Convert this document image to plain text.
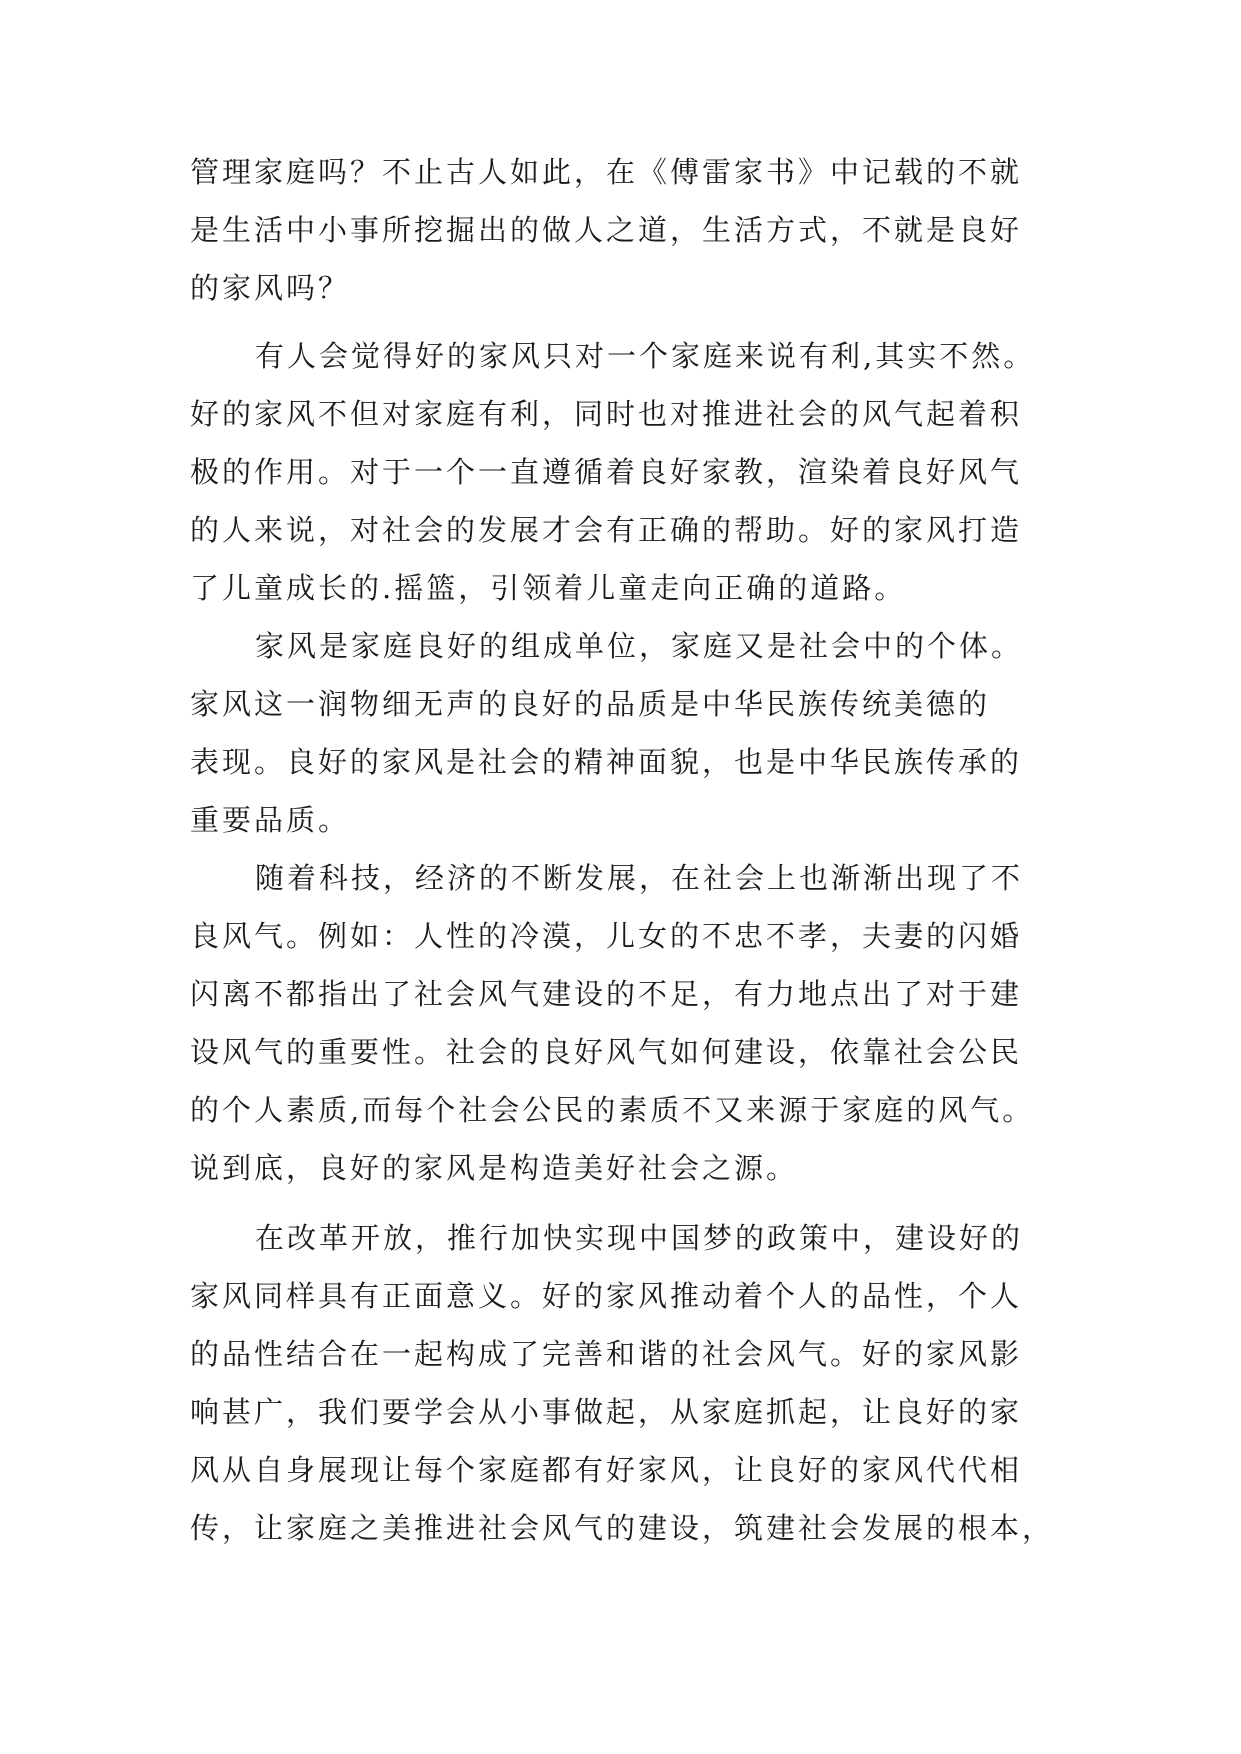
管理家庭吗？不止古人如此，在《傅雷家书》中记载的不就
是生活中小事所挖掘出的做人之道，生活方式，不就是良好
的家风吗？
有人会觉得好的家风只对一个家庭来说有利,其实不然。
好的家风不但对家庭有利，同时也对推进社会的风气起着积
极的作用。对于一个一直遵循着良好家教，渲染着良好风气
的人来说，对社会的发展才会有正确的帮助。好的家风打造
了儿童成长的.摇篮，引领着儿童走向正确的道路。
家风是家庭良好的组成单位，家庭又是社会中的个体。
家风这一润物细无声的良好的品质是中华民族传统美德的
表现。良好的家风是社会的精神面貌，也是中华民族传承的
重要品质。
随着科技，经济的不断发展，在社会上也渐渐出现了不
良风气。例如：人性的冷漠，儿女的不忠不孝，夫妻的闪婚
闪离不都指出了社会风气建设的不足，有力地点出了对于建
设风气的重要性。社会的良好风气如何建设，依靠社会公民
的个人素质,而每个社会公民的素质不又来源于家庭的风气。
说到底，良好的家风是构造美好社会之源。
在改革开放，推行加快实现中国梦的政策中，建设好的
家风同样具有正面意义。好的家风推动着个人的品性，个人
的品性结合在一起构成了完善和谐的社会风气。好的家风影
响甚广，我们要学会从小事做起，从家庭抓起，让良好的家
风从自身展现让每个家庭都有好家风，让良好的家风代代相
传，让家庭之美推进社会风气的建设，筑建社会发展的根本，
